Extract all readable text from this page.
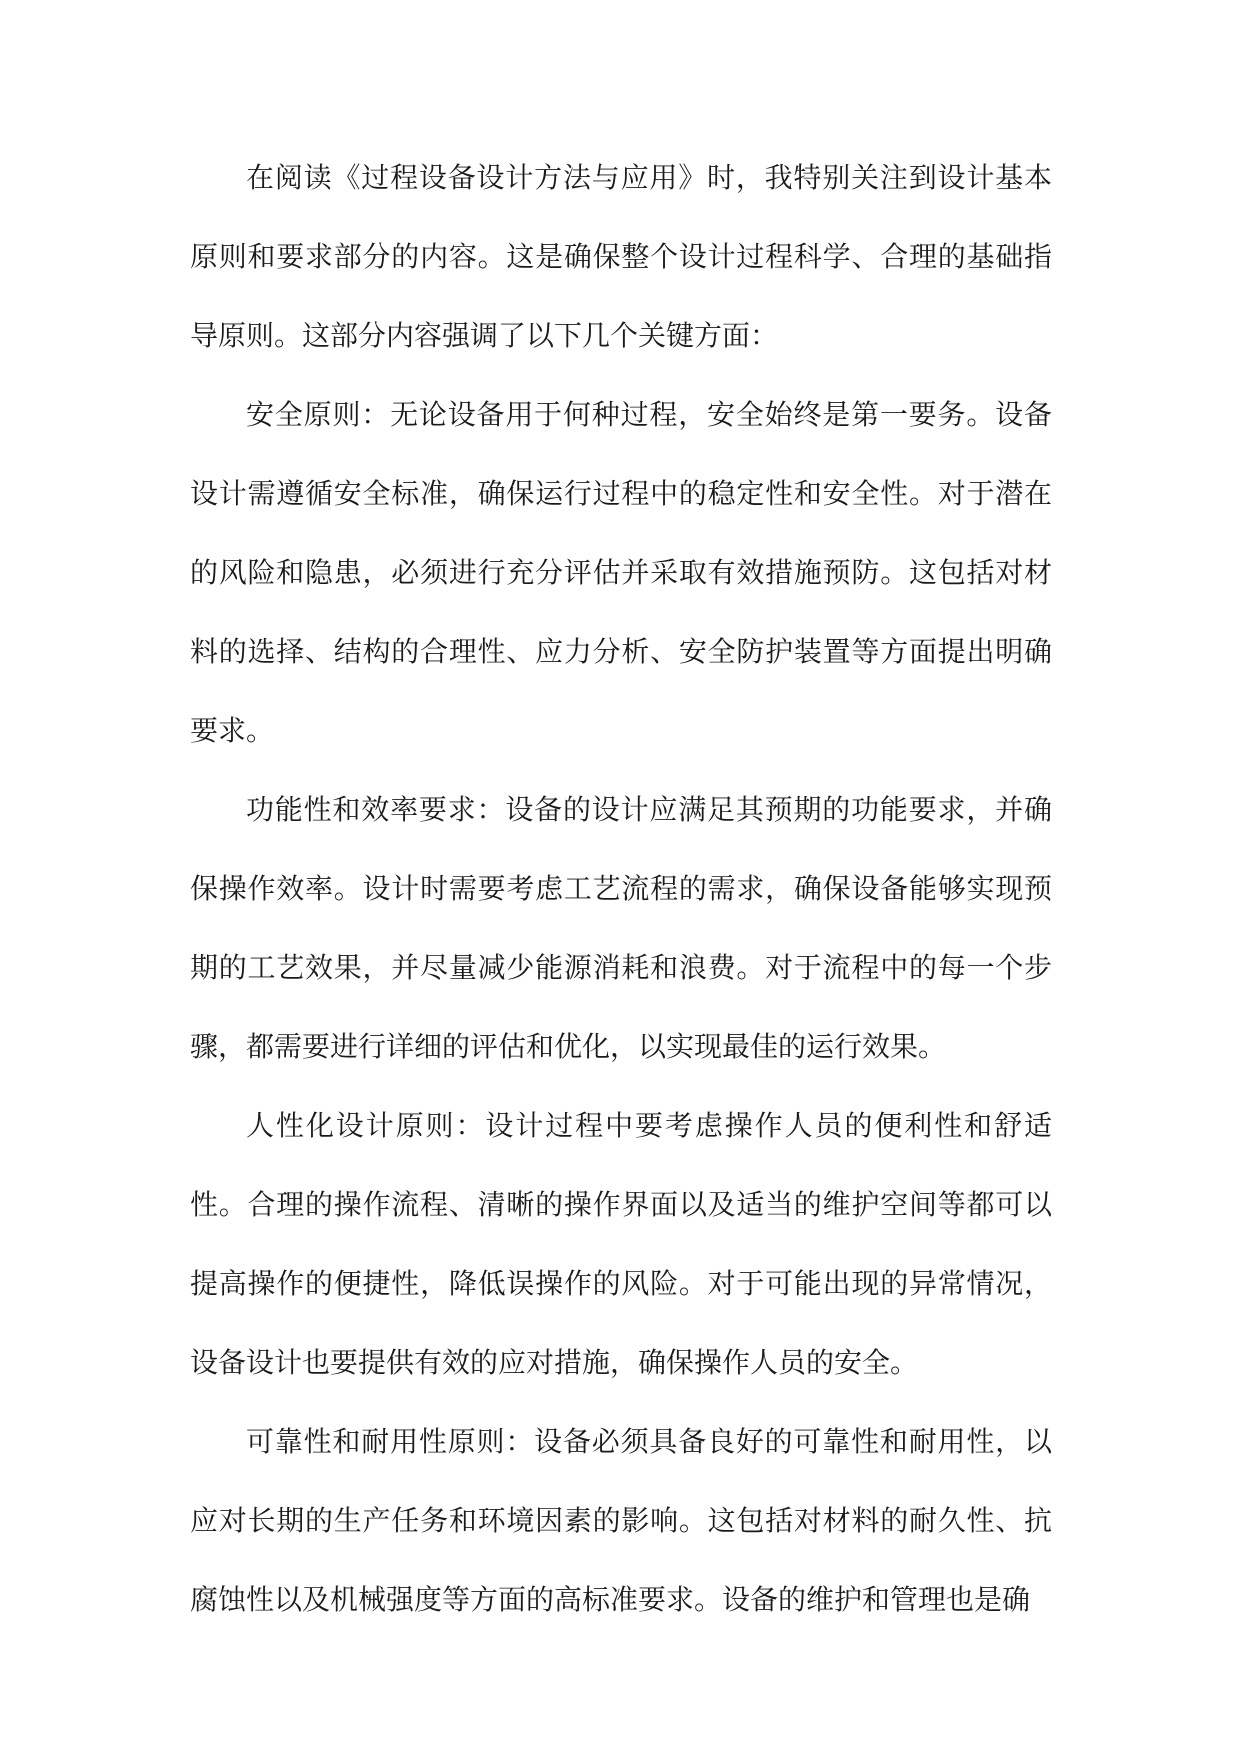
在阅读《过程设备设计方法与应用》时，我特别关注到设计基本原则和要求部分的内容。这是确保整个设计过程科学、合理的基础指导原则。这部分内容强调了以下几个关键方面：

安全原则：无论设备用于何种过程，安全始终是第一要务。设备设计需遵循安全标准，确保运行过程中的稳定性和安全性。对于潜在的风险和隐患，必须进行充分评估并采取有效措施预防。这包括对材料的选择、结构的合理性、应力分析、安全防护装置等方面提出明确要求。

功能性和效率要求：设备的设计应满足其预期的功能要求，并确保操作效率。设计时需要考虑工艺流程的需求，确保设备能够实现预期的工艺效果，并尽量减少能源消耗和浪费。对于流程中的每一个步骤，都需要进行详细的评估和优化，以实现最佳的运行效果。

人性化设计原则：设计过程中要考虑操作人员的便利性和舒适性。合理的操作流程、清晰的操作界面以及适当的维护空间等都可以提高操作的便捷性，降低误操作的风险。对于可能出现的异常情况，设备设计也要提供有效的应对措施，确保操作人员的安全。

可靠性和耐用性原则：设备必须具备良好的可靠性和耐用性，以应对长期的生产任务和环境因素的影响。这包括对材料的耐久性、抗腐蚀性以及机械强度等方面的高标准要求。设备的维护和管理也是确
